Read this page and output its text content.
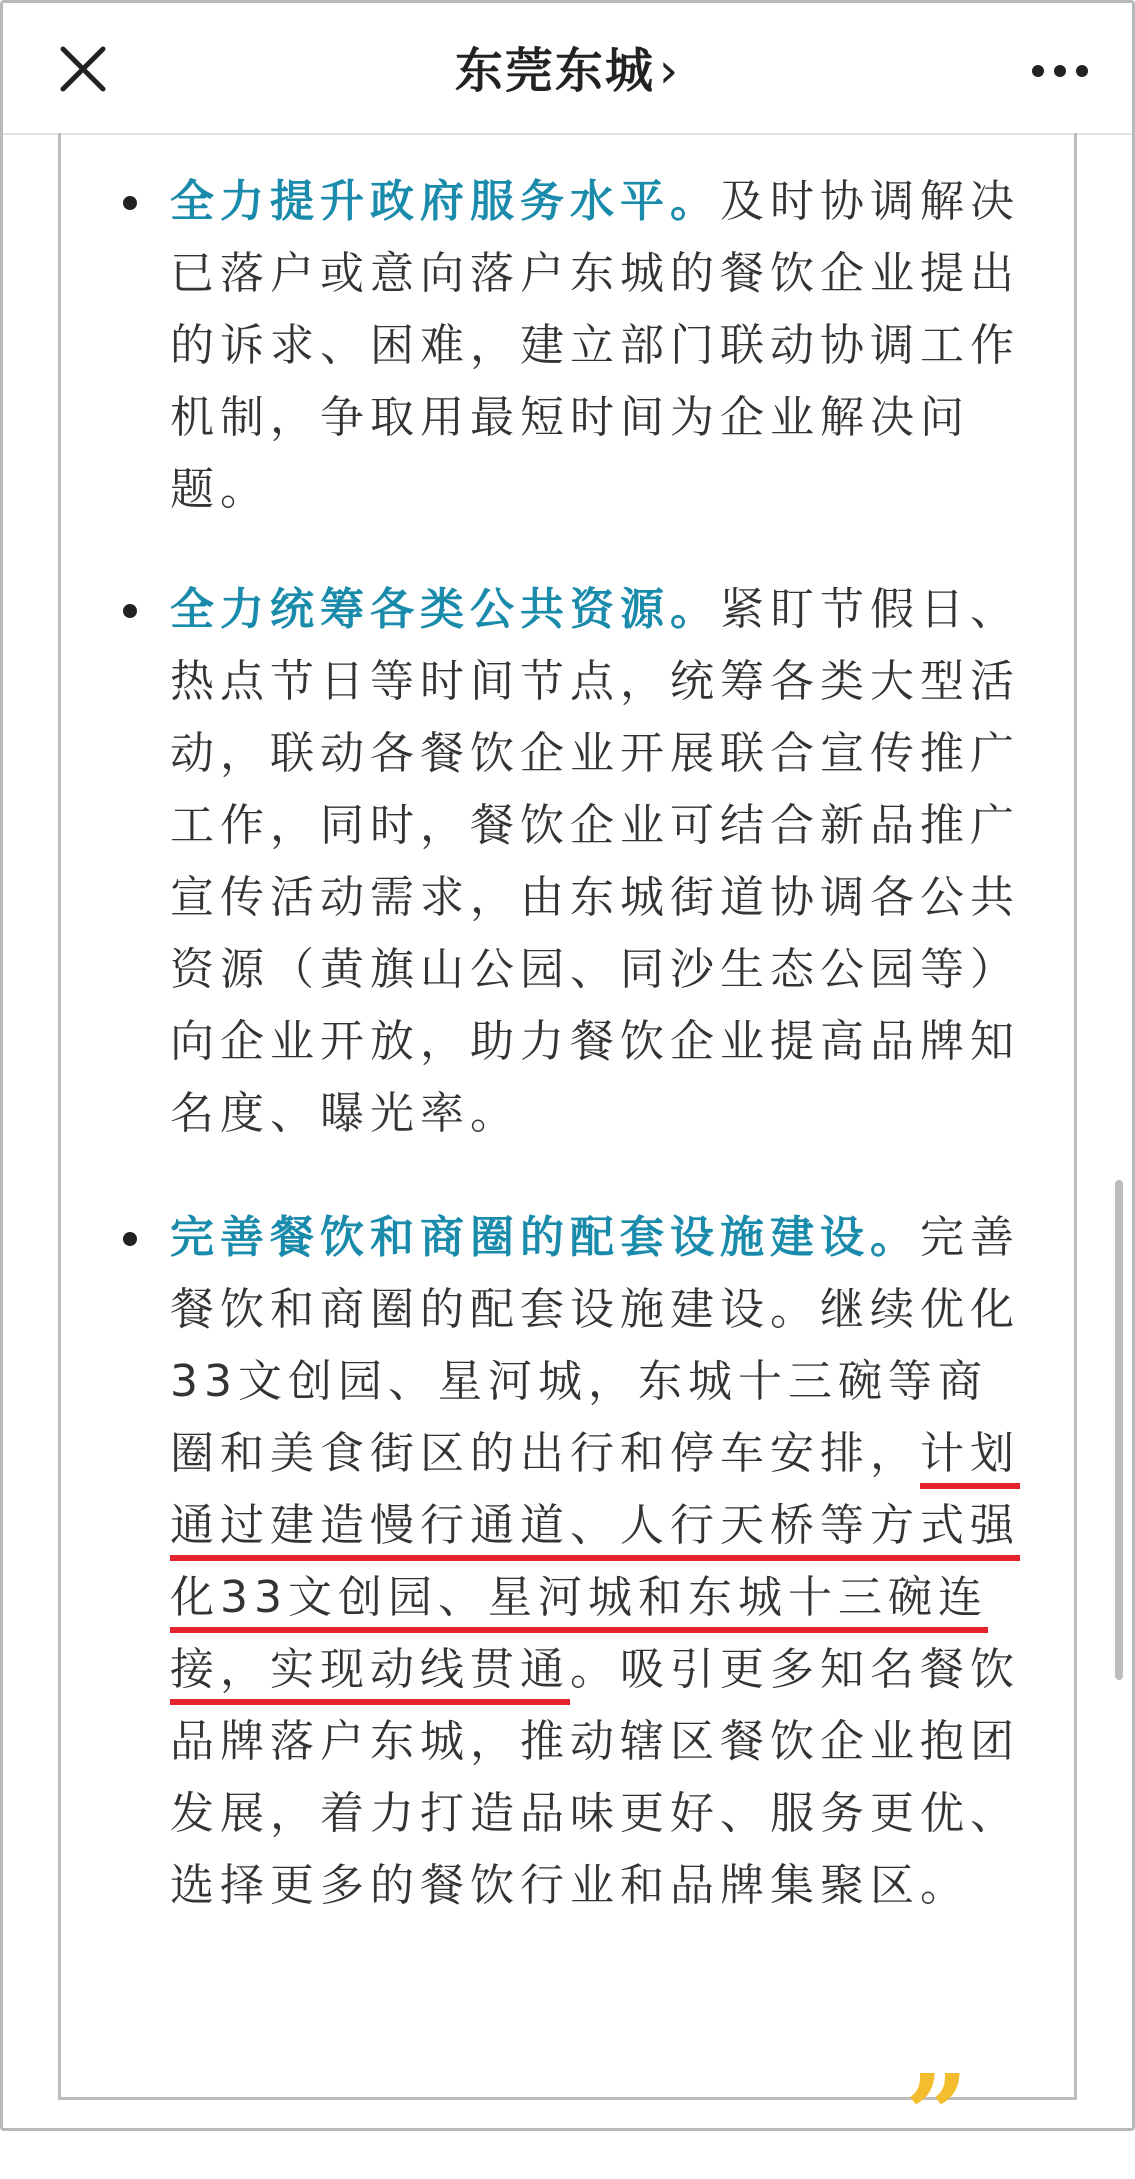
东莞东城›

全力提升政府服务水平。及时协调解决已落户或意向落户东城的餐饮企业提出的诉求、困难，建立部门联动协调工作机制，争取用最短时间为企业解决问题。

全力统筹各类公共资源。紧盯节假日、热点节日等时间节点，统筹各类大型活动，联动各餐饮企业开展联合宣传推广工作，同时，餐饮企业可结合新品推广宣传活动需求，由东城街道协调各公共资源（黄旗山公园、同沙生态公园等）向企业开放，助力餐饮企业提高品牌知名度、曝光率。

完善餐饮和商圈的配套设施建设。完善餐饮和商圈的配套设施建设。继续优化33文创园、星河城，东城十三碗等商圈和美食街区的出行和停车安排，计划通过建造慢行通道、人行天桥等方式强化33文创园、星河城和东城十三碗连接，实现动线贯通。吸引更多知名餐饮品牌落户东城，推动辖区餐饮企业抱团发展，着力打造品味更好、服务更优、选择更多的餐饮行业和品牌集聚区。

”
